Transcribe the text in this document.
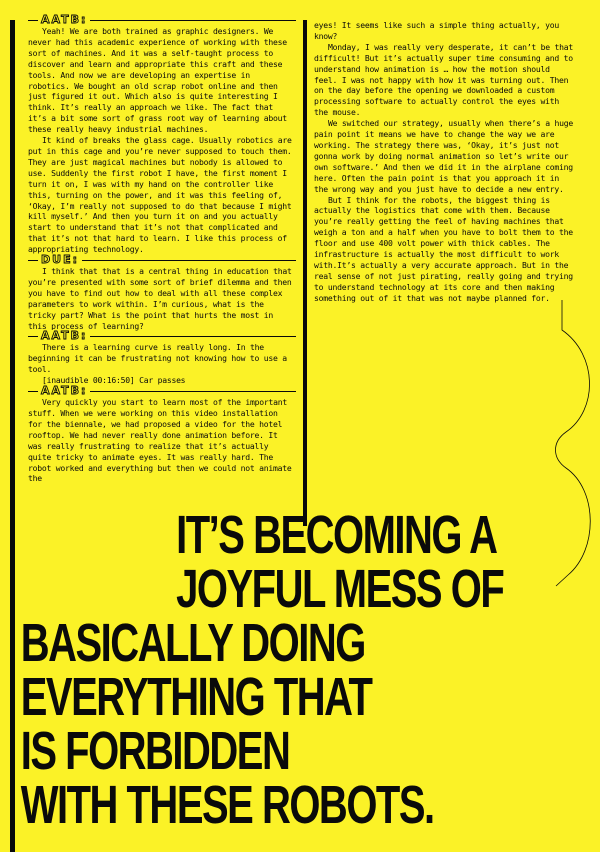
AATB:

Yeah! We are both trained as graphic designers. We never had this academic experience of working with these sort of machines. And it was a self-taught process to discover and learn and appropriate this craft and these tools. And now we are developing an expertise in robotics. We bought an old scrap robot online and then just figured it out. Which also is quite interesting I think. It’s really an approach we like. The fact that it’s a bit some sort of grass root way of learning about these really heavy industrial machines.

It kind of breaks the glass cage. Usually robotics are put in this cage and you’re never supposed to touch them. They are just magical machines but nobody is allowed to use. Suddenly the first robot I have, the first moment I turn it on, I was with my hand on the controller like this, turning on the power, and it was this feeling of, ‘Okay, I’m really not supposed to do that because I might kill myself.’ And then you turn it on and you actually start to understand that it’s not that complicated and that it’s not that hard to learn. I like this process of appropriating technology.

DUE:

I think that that is a central thing in education that you’re presented with some sort of brief dilemma and then you have to find out how to deal with all these complex parameters to work within. I’m curious, what is the tricky part? What is the point that hurts the most in this process of learning?

AATB:

There is a learning curve is really long. In the beginning it can be frustrating not knowing how to use a tool.

[inaudible 00:16:50] Car passes

AATB:

Very quickly you start to learn most of the important stuff. When we were working on this video installation for the biennale, we had proposed a video for the hotel rooftop. We had never really done animation before. It was really frustrating to realize that it’s actually quite tricky to animate eyes. It was really hard. The robot worked and everything but then we could not animate the

eyes! It seems like such a simple thing actually, you know?

Monday, I was really very desperate, it can’t be that difficult! But it’s actually super time consuming and to understand how animation is … how the motion should feel. I was not happy with how it was turning out. Then on the day before the opening we downloaded a custom processing software to actually control the eyes with the mouse.

We switched our strategy, usually when there’s a huge pain point it means we have to change the way we are working. The strategy there was, ‘Okay, it’s just not gonna work by doing normal animation so let’s write our own software.’ And then we did it in the airplane coming here. Often the pain point is that you approach it in the wrong way and you just have to decide a new entry.

But I think for the robots, the biggest thing is actually the logistics that come with them. Because you’re really getting the feel of having machines that weigh a ton and a half when you have to bolt them to the floor and use 400 volt power with thick cables. The infrastructure is actually the most difficult to work with.It’s actually a very accurate approach. But in the real sense of not just pirating, really going and trying to understand technology at its core and then making something out of it that was not maybe planned for.

IT’S BECOMING A
JOYFUL MESS OF
BASICALLY DOING
EVERYTHING THAT
IS FORBIDDEN
WITH THESE ROBOTS.
